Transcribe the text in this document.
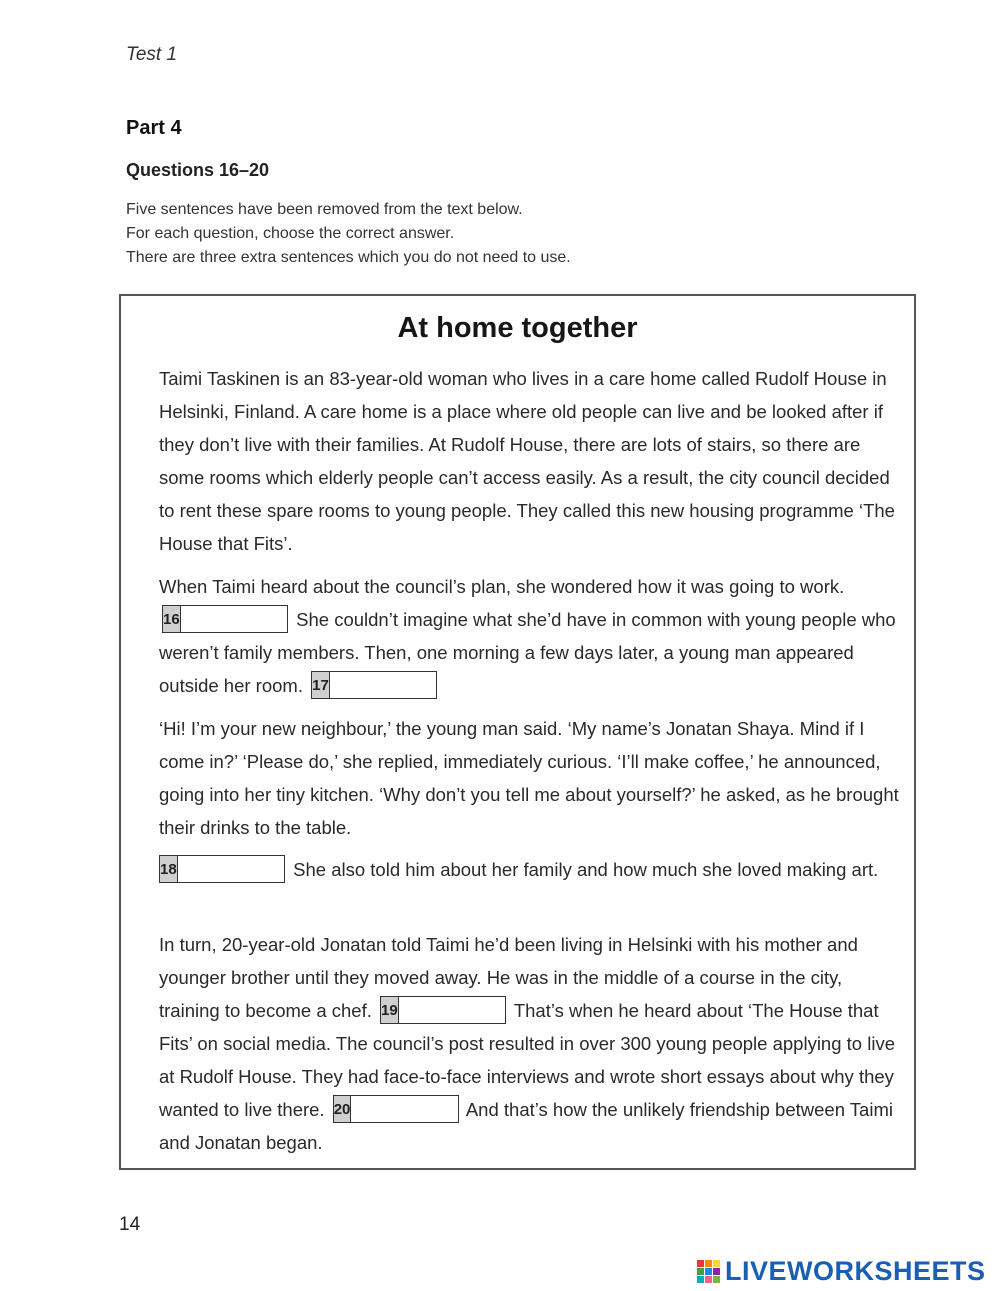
Test 1
Part 4
Questions 16–20
Five sentences have been removed from the text below.
For each question, choose the correct answer.
There are three extra sentences which you do not need to use.
At home together
Taimi Taskinen is an 83-year-old woman who lives in a care home called Rudolf House in Helsinki, Finland. A care home is a place where old people can live and be looked after if they don’t live with their families. At Rudolf House, there are lots of stairs, so there are some rooms which elderly people can’t access easily. As a result, the city council decided to rent these spare rooms to young people. They called this new housing programme ‘The House that Fits’.
When Taimi heard about the council’s plan, she wondered how it was going to work.
16	She couldn’t imagine what she’d have in common with young people who weren’t family members. Then, one morning a few days later, a young man appeared outside her room. 17
‘Hi! I’m your new neighbour,’ the young man said. ‘My name’s Jonatan Shaya. Mind if I come in?’ ‘Please do,’ she replied, immediately curious. ‘I’ll make coffee,’ he announced, going into her tiny kitchen. ‘Why don’t you tell me about yourself?’ he asked, as he brought their drinks to the table.
18	She also told him about her family and how much she loved making art.
In turn, 20-year-old Jonatan told Taimi he’d been living in Helsinki with his mother and younger brother until they moved away. He was in the middle of a course in the city, training to become a chef. 19	That’s when he heard about ‘The House that Fits’ on social media. The council’s post resulted in over 300 young people applying to live at Rudolf House. They had face-to-face interviews and wrote short essays about why they wanted to live there. 20	And that’s how the unlikely friendship between Taimi and Jonatan began.
14
LIVEWORKSHEETS
